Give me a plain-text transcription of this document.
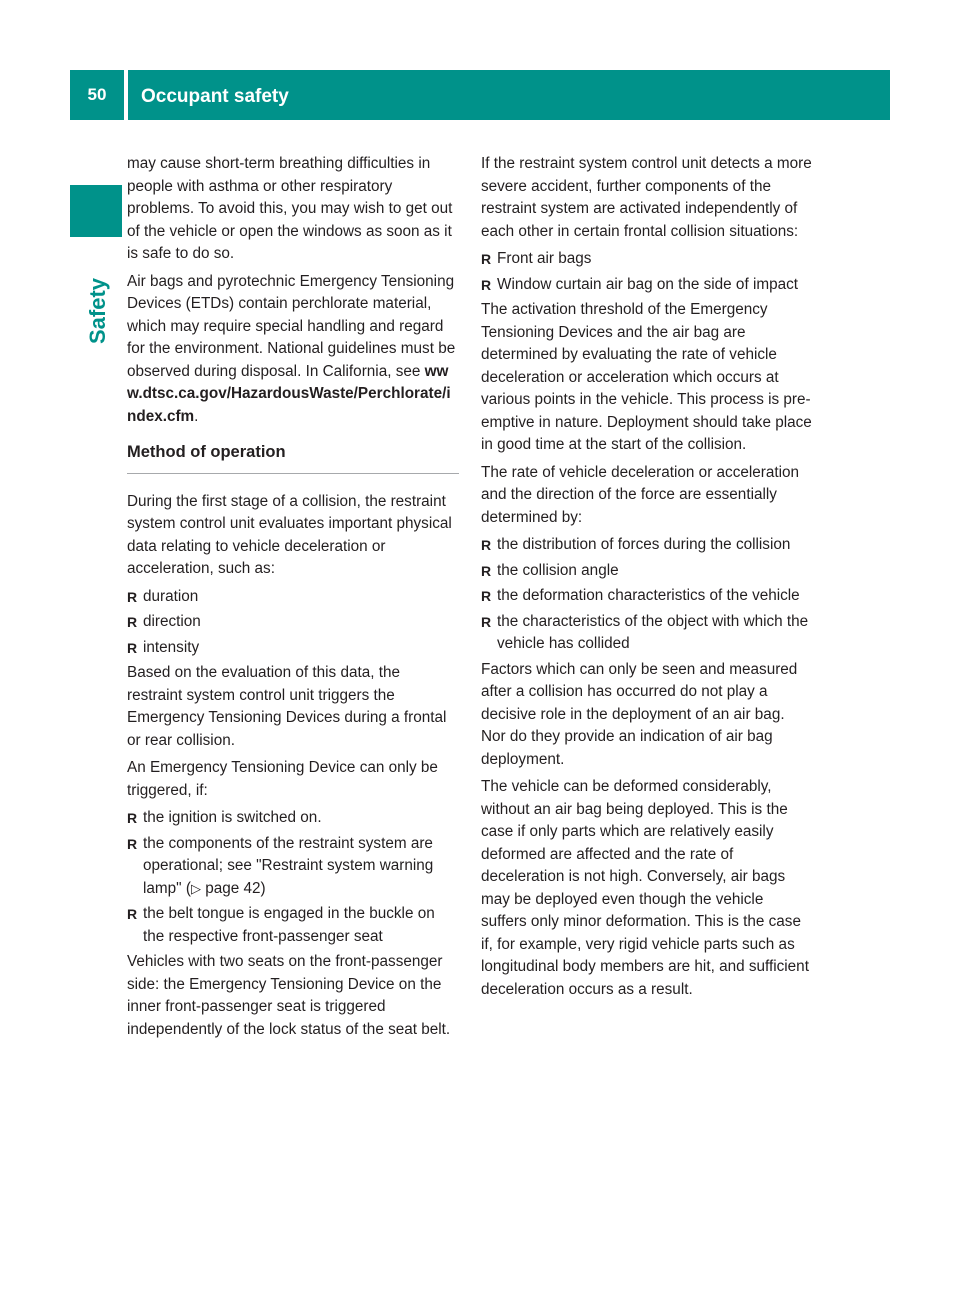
50 Occupant safety
Safety

may cause short-term breathing difficulties in people with asthma or other respiratory problems. To avoid this, you may wish to get out of the vehicle or open the windows as soon as it is safe to do so.

Air bags and pyrotechnic Emergency Tensioning Devices (ETDs) contain perchlorate material, which may require special handling and regard for the environment. National guidelines must be observed during disposal. In California, see www.dtsc.ca.gov/HazardousWaste/Perchlorate/index.cfm.

Method of operation

During the first stage of a collision, the restraint system control unit evaluates important physical data relating to vehicle deceleration or acceleration, such as:

R duration
R direction
R intensity

Based on the evaluation of this data, the restraint system control unit triggers the Emergency Tensioning Devices during a frontal or rear collision.

An Emergency Tensioning Device can only be triggered, if:

R the ignition is switched on.
R the components of the restraint system are operational; see "Restraint system warning lamp" (▷ page 42)
R the belt tongue is engaged in the buckle on the respective front-passenger seat

Vehicles with two seats on the front-passenger side: the Emergency Tensioning Device on the inner front-passenger seat is triggered independently of the lock status of the seat belt.

If the restraint system control unit detects a more severe accident, further components of the restraint system are activated independently of each other in certain frontal collision situations:

R Front air bags
R Window curtain air bag on the side of impact

The activation threshold of the Emergency Tensioning Devices and the air bag are determined by evaluating the rate of vehicle deceleration or acceleration which occurs at various points in the vehicle. This process is pre-emptive in nature. Deployment should take place in good time at the start of the collision.

The rate of vehicle deceleration or acceleration and the direction of the force are essentially determined by:

R the distribution of forces during the collision
R the collision angle
R the deformation characteristics of the vehicle
R the characteristics of the object with which the vehicle has collided

Factors which can only be seen and measured after a collision has occurred do not play a decisive role in the deployment of an air bag. Nor do they provide an indication of air bag deployment.

The vehicle can be deformed considerably, without an air bag being deployed. This is the case if only parts which are relatively easily deformed are affected and the rate of deceleration is not high. Conversely, air bags may be deployed even though the vehicle suffers only minor deformation. This is the case if, for example, very rigid vehicle parts such as longitudinal body members are hit, and sufficient deceleration occurs as a result.
